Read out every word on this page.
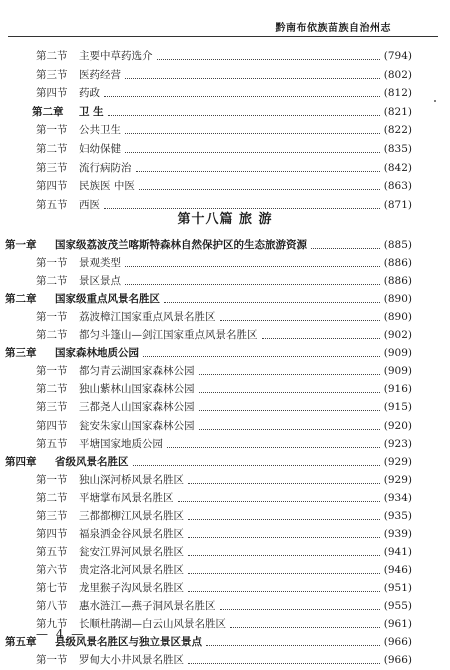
黔南布依族苗族自治州志
第二节 主要中草药选介	(794)
第三节 医药经营	(802)
第四节 药政	(812)
第二章 卫 生	(821)
第一节 公共卫生	(822)
第二节 妇幼保健	(835)
第三节 流行病防治	(842)
第四节 民族医 中医	(863)
第五节 西医	(871)
第十八篇 旅 游
第一章 国家级荔波茂兰喀斯特森林自然保护区的生态旅游资源	(885)
第一节 景观类型	(886)
第二节 景区景点	(886)
第二章 国家级重点风景名胜区	(890)
第一节 荔波樟江国家重点风景名胜区	(890)
第二节 都匀斗篷山—剑江国家重点风景名胜区	(902)
第三章 国家森林地质公园	(909)
第一节 都匀青云湖国家森林公园	(909)
第二节 独山紫林山国家森林公园	(916)
第三节 三都尧人山国家森林公园	(915)
第四节 瓮安朱家山国家森林公园	(920)
第五节 平塘国家地质公园	(923)
第四章 省级风景名胜区	(929)
第一节 独山深河桥风景名胜区	(929)
第二节 平塘掌布风景名胜区	(934)
第三节 三都都柳江风景名胜区	(935)
第四节 福泉洒金谷风景名胜区	(939)
第五节 瓮安江界河风景名胜区	(941)
第六节 贵定洛北河风景名胜区	(946)
第七节 龙里猴子沟风景名胜区	(951)
第八节 惠水涟江—燕子洞风景名胜区	(955)
第九节 长顺杜鹃湖—白云山风景名胜区	(961)
第五章 县级风景名胜区与独立景区景点	(966)
第一节 罗甸大小井风景名胜区	(966)
— 4 —
